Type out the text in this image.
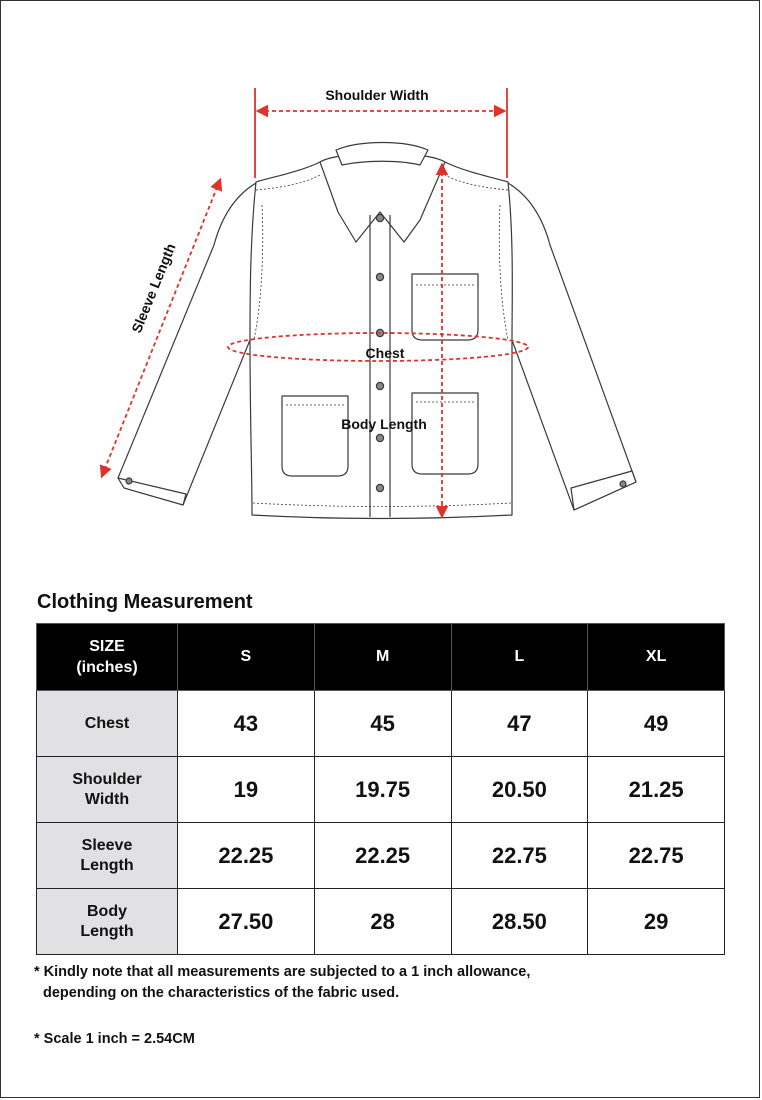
Shoulder Width
Sleeve Length
Chest
Body Length
Clothing Measurement
SIZE
(inches)	S	M	L	XL

Chest	43	45	47	49

Shoulder
Width	19	19.75	20.50	21.25

Sleeve
Length	22.25	22.25	22.75	22.75

Body
Length	27.50	28	28.50	29

* Kindly note that all measurements are subjected to a 1 inch allowance,
depending on the characteristics of the fabric used.

* Scale 1 inch = 2.54CM
